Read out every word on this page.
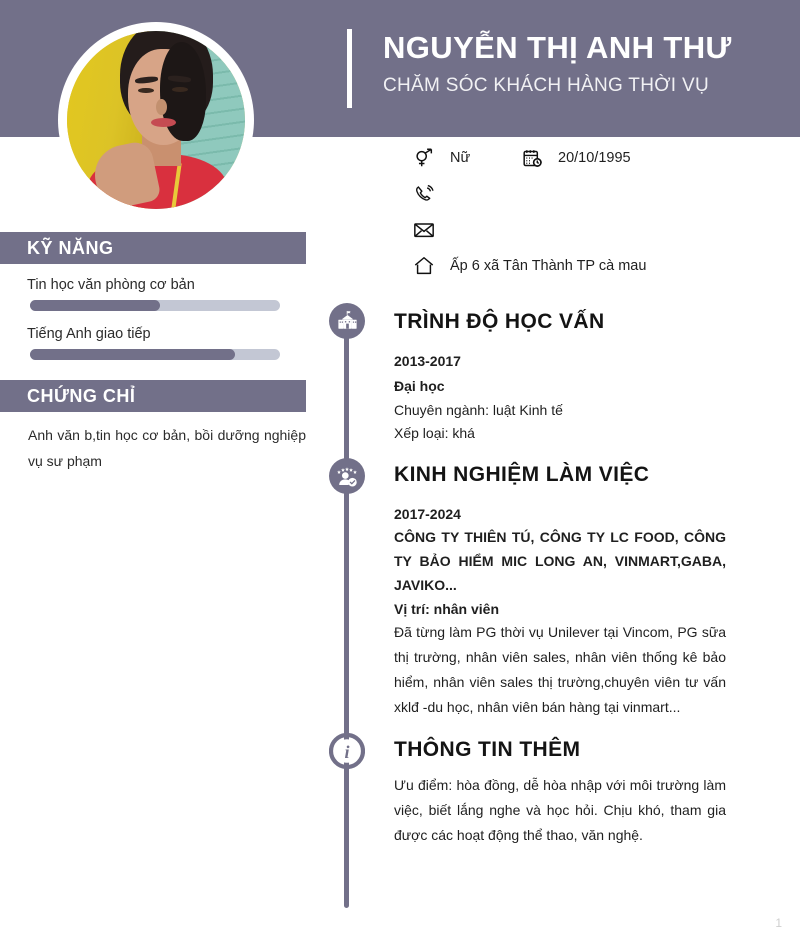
NGUYỄN THỊ ANH THƯ
CHĂM SÓC KHÁCH HÀNG THỜI VỤ
Nữ	20/10/1995
Ấp 6 xã Tân Thành TP cà mau
KỸ NĂNG
Tin học văn phòng cơ bản
Tiếng Anh giao tiếp
CHỨNG CHỈ
Anh văn b,tin học cơ bản, bồi dưỡng nghiệp vụ sư phạm
i
TRÌNH ĐỘ HỌC VẤN
2013-2017
Đại học
Chuyên ngành: luật Kinh tế
Xếp loại: khá
KINH NGHIỆM LÀM VIỆC
2017-2024
CÔNG TY THIÊN TÚ, CÔNG TY LC FOOD, CÔNG TY BẢO HIỂM MIC LONG AN, VINMART,GABA, JAVIKO...
Vị trí: nhân viên
Đã từng làm PG thời vụ Unilever tại Vincom, PG sữa thị trường, nhân viên sales, nhân viên thống kê bảo hiểm, nhân viên sales thị trường,chuyên viên tư vấn xklđ -du học, nhân viên bán hàng tại vinmart...
THÔNG TIN THÊM
Ưu điểm: hòa đồng, dễ hòa nhập với môi trường làm việc, biết lắng nghe và học hỏi. Chịu khó, tham gia được các hoạt động thể thao, văn nghệ.
1
